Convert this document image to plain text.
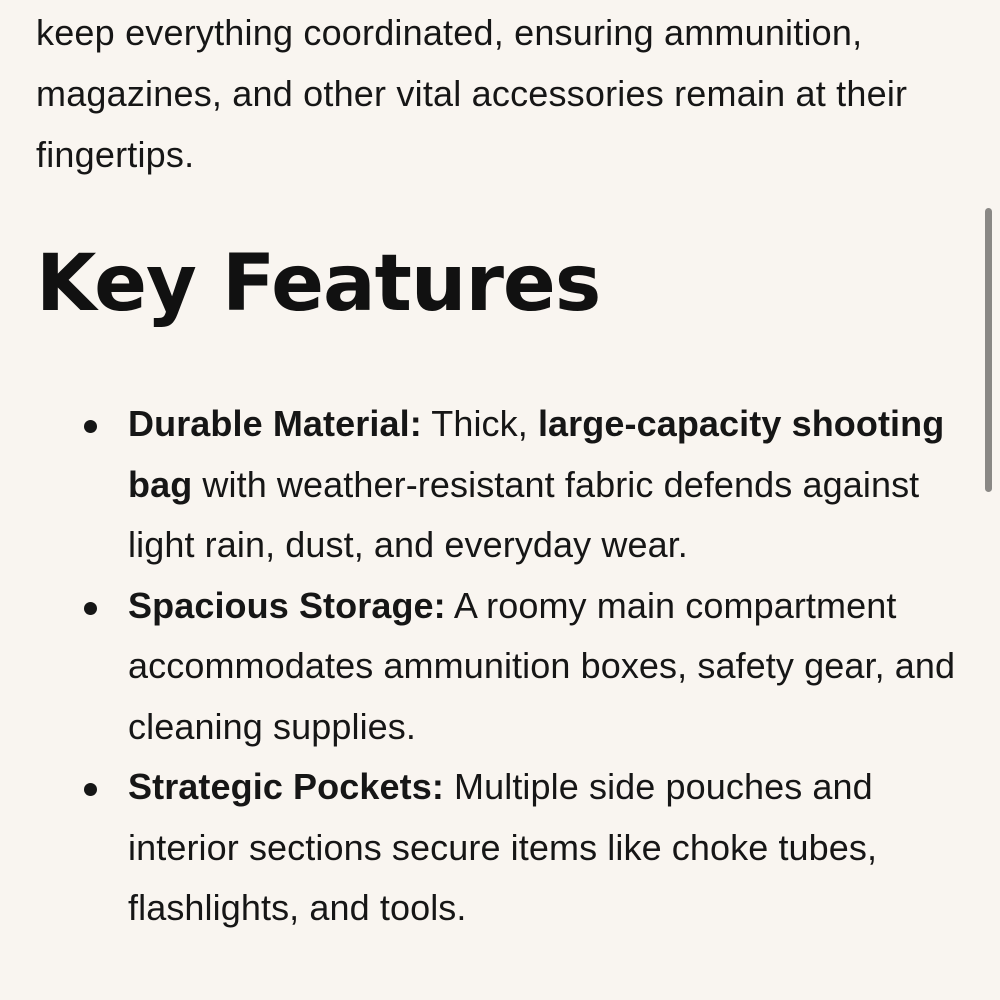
keep everything coordinated, ensuring ammunition, magazines, and other vital accessories remain at their fingertips.

Key Features
Durable Material: Thick, large-capacity shooting bag with weather-resistant fabric defends against light rain, dust, and everyday wear.
Spacious Storage: A roomy main compartment accommodates ammunition boxes, safety gear, and cleaning supplies.
Strategic Pockets: Multiple side pouches and interior sections secure items like choke tubes, flashlights, and tools.
